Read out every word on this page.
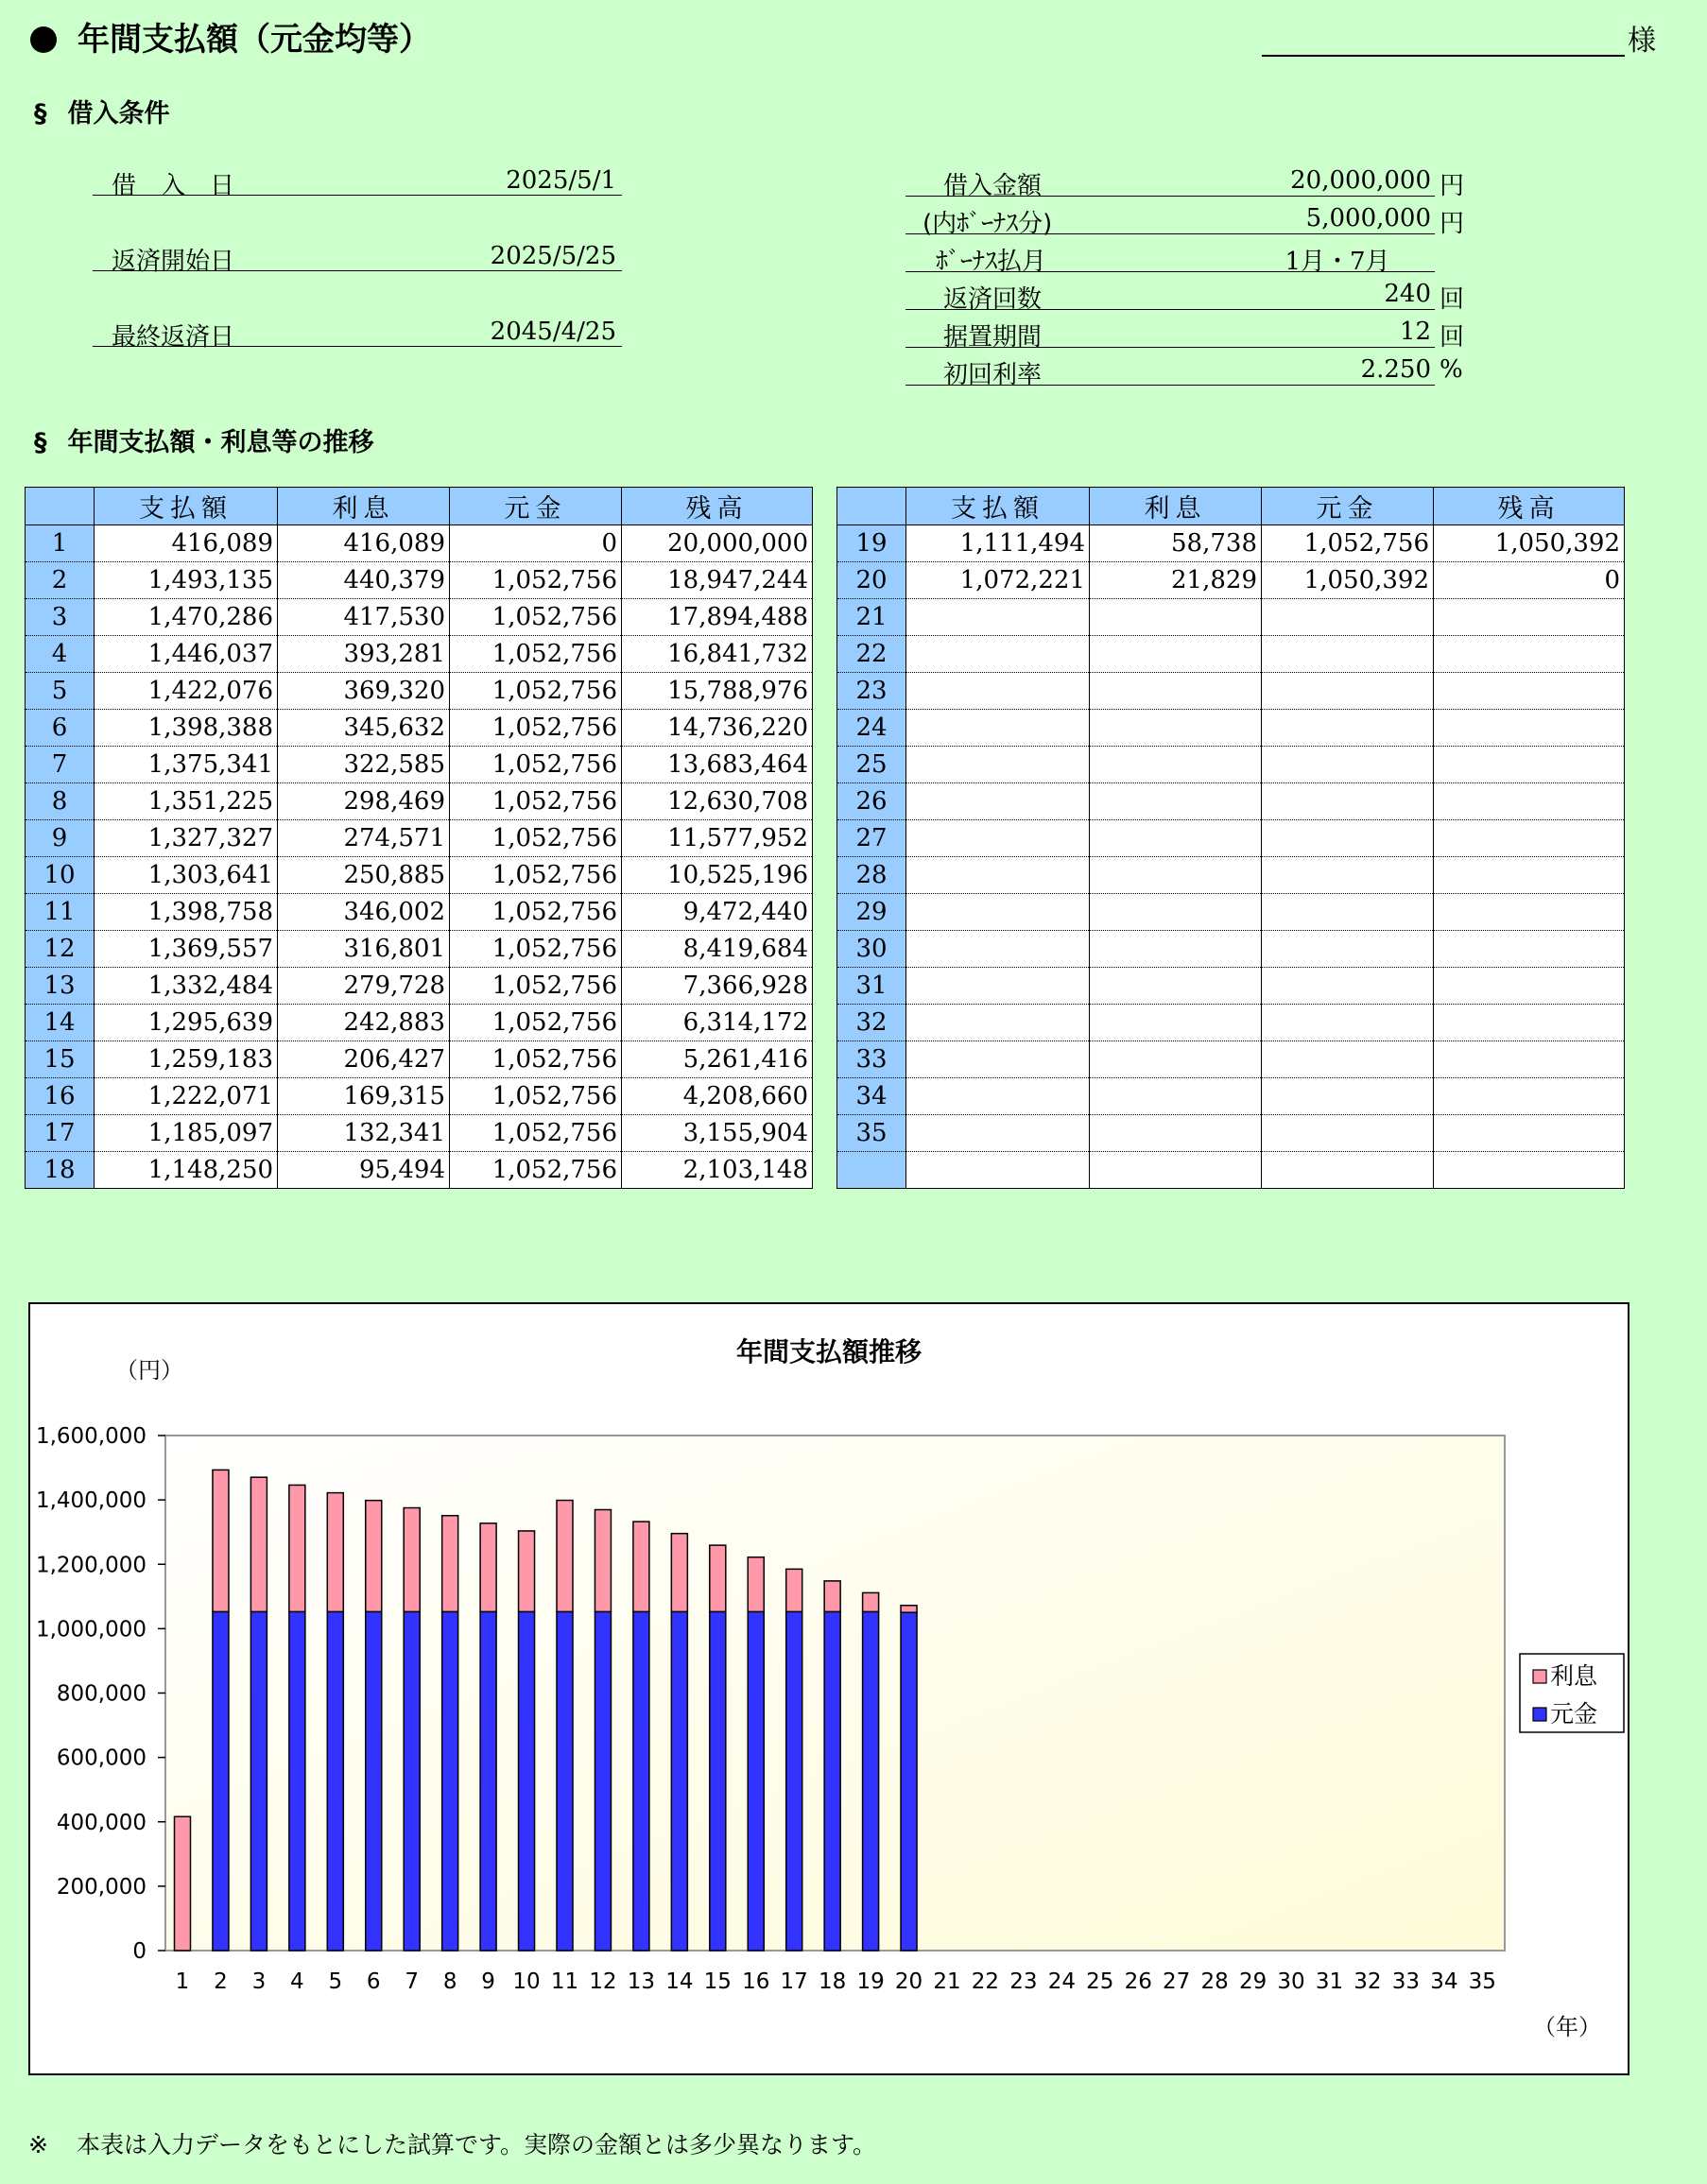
年間支払額（元金均等）	様
§ 借入条件
借　入　日	2025/5/1
返済開始日	2025/5/25
最終返済日	2045/4/25
借入金額	20,000,000 円
(内ﾎﾞｰﾅｽ分)	5,000,000 円
ﾎﾞｰﾅｽ払月	1月・7月
返済回数	240 回
据置期間	12 回
初回利率	2.250 %
§ 年間支払額・利息等の推移
	支払額	利息	元金	残高
1	416,089	416,089	0	20,000,000
2	1,493,135	440,379	1,052,756	18,947,244
3	1,470,286	417,530	1,052,756	17,894,488
4	1,446,037	393,281	1,052,756	16,841,732
5	1,422,076	369,320	1,052,756	15,788,976
6	1,398,388	345,632	1,052,756	14,736,220
7	1,375,341	322,585	1,052,756	13,683,464
8	1,351,225	298,469	1,052,756	12,630,708
9	1,327,327	274,571	1,052,756	11,577,952
10	1,303,641	250,885	1,052,756	10,525,196
11	1,398,758	346,002	1,052,756	9,472,440
12	1,369,557	316,801	1,052,756	8,419,684
13	1,332,484	279,728	1,052,756	7,366,928
14	1,295,639	242,883	1,052,756	6,314,172
15	1,259,183	206,427	1,052,756	5,261,416
16	1,222,071	169,315	1,052,756	4,208,660
17	1,185,097	132,341	1,052,756	3,155,904
18	1,148,250	95,494	1,052,756	2,103,148
	支払額	利息	元金	残高
19	1,111,494	58,738	1,052,756	1,050,392
20	1,072,221	21,829	1,050,392	0
21				
22				
23				
24				
25				
26				
27				
28				
29				
30				
31				
32				
33				
34				
35				

年間支払額推移
（円）
（年）
0
200,000
400,000
600,000
800,000
1,000,000
1,200,000
1,400,000
1,600,000
1 2 3 4 5 6 7 8 9 10 11 12 13 14 15 16 17 18 19 20 21 22 23 24 25 26 27 28 29 30 31 32 33 34 35
利息
元金
※ 本表は入力データをもとにした試算です。実際の金額とは多少異なります。
